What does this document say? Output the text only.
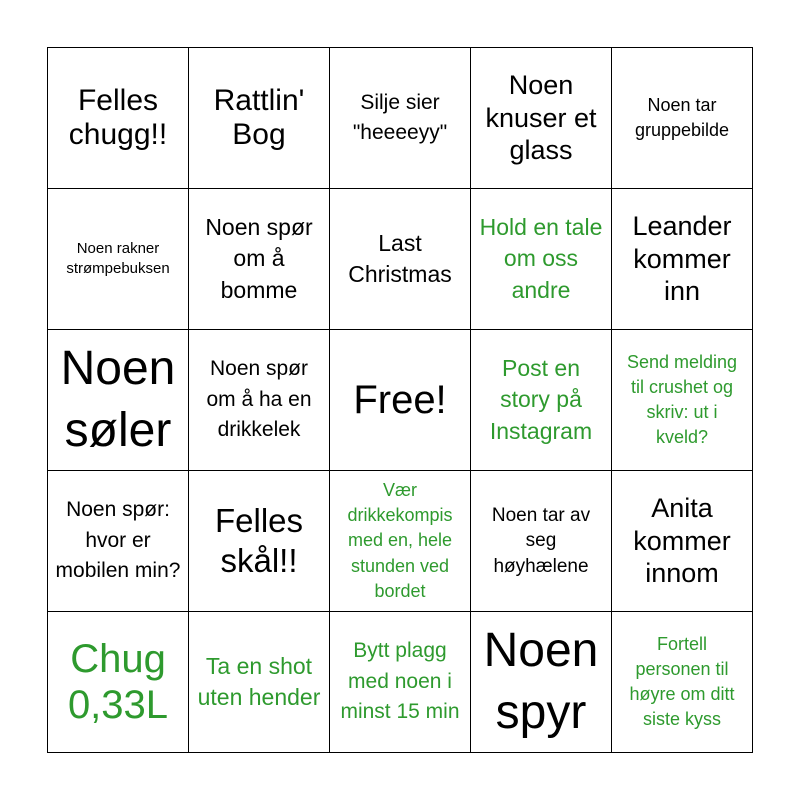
Felles chugg!!
Rattlin' Bog
Silje sier "heeeeyy"
Noen knuser et glass
Noen tar gruppebilde
Noen rakner strømpebuksen
Noen spør om å bomme
Last Christmas
Hold en tale om oss andre
Leander kommer inn
Noen søler
Noen spør om å ha en drikkelek
Free!
Post en story på Instagram
Send melding til crushet og skriv: ut i kveld?
Noen spør: hvor er mobilen min?
Felles skål!!
Vær drikkekompis med en, hele stunden ved bordet
Noen tar av seg høyhælene
Anita kommer innom
Chug 0,33L
Ta en shot uten hender
Bytt plagg med noen i minst 15 min
Noen spyr
Fortell personen til høyre om ditt siste kyss
